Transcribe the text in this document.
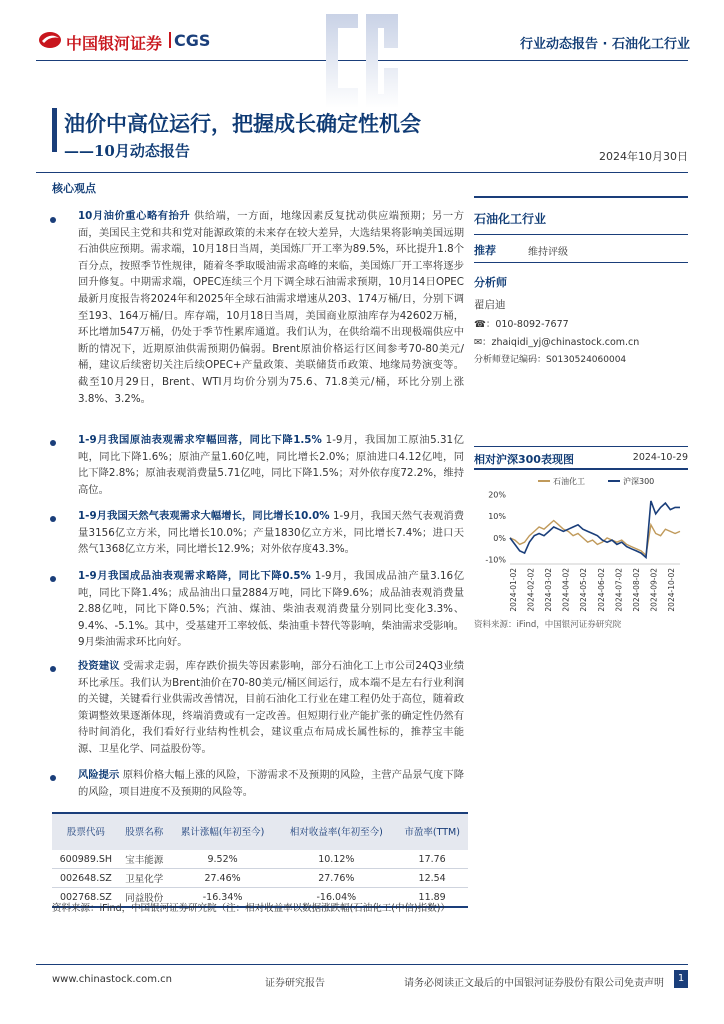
中国银河证券 CGS	行业动态报告 · 石油化工行业
油价中高位运行，把握成长确定性机会
——10月动态报告	2024年10月30日
核心观点
10月油价重心略有抬升 供给端，一方面，地缘因素反复扰动供应端预期；另一方面，美国民主党和共和党对能源政策的未来存在较大差异，大选结果将影响美国远期石油供应预期。需求端，10月18日当周，美国炼厂开工率为89.5%，环比提升1.8个百分点，按照季节性规律，随着冬季取暖油需求高峰的来临，美国炼厂开工率将逐步回升修复。中期需求端，OPEC连续三个月下调全球石油需求预期，10月14日OPEC最新月度报告将2024年和2025年全球石油需求增速从203、174万桶/日，分别下调至193、164万桶/日。库存端，10月18日当周，美国商业原油库存为42602万桶，环比增加547万桶，仍处于季节性累库通道。我们认为，在供给端不出现极端供应中断的情况下，近期原油供需预期仍偏弱。Brent原油价格运行区间参考70-80美元/桶，建议后续密切关注后续OPEC+产量政策、美联储货币政策、地缘局势演变等。截至10月29日，Brent、WTI月均价分别为75.6、71.8美元/桶，环比分别上涨3.8%、3.2%。
1-9月我国原油表观需求窄幅回落，同比下降1.5% 1-9月，我国加工原油5.31亿吨，同比下降1.6%；原油产量1.60亿吨，同比增长2.0%；原油进口4.12亿吨，同比下降2.8%；原油表观消费量5.71亿吨，同比下降1.5%；对外依存度72.2%，维持高位。
1-9月我国天然气表观需求大幅增长，同比增长10.0% 1-9月，我国天然气表观消费量3156亿立方米，同比增长10.0%；产量1830亿立方米，同比增长7.4%；进口天然气1368亿立方米，同比增长12.9%；对外依存度43.3%。
1-9月我国成品油表观需求略降，同比下降0.5% 1-9月，我国成品油产量3.16亿吨，同比下降1.4%；成品油出口量2884万吨，同比下降9.6%；成品油表观消费量2.88亿吨，同比下降0.5%；汽油、煤油、柴油表观消费量分别同比变化3.3%、9.4%、-5.1%。其中，受基建开工率较低、柴油重卡替代等影响，柴油需求受影响。9月柴油需求环比向好。
投资建议 受需求走弱，库存跌价损失等因素影响，部分石油化工上市公司24Q3业绩环比承压。我们认为Brent油价在70-80美元/桶区间运行，成本端不是左右行业利润的关键，关键看行业供需改善情况，目前石油化工行业在建工程仍处于高位，随着政策调整效果逐渐体现，终端消费或有一定改善。但短期行业产能扩张的确定性仍然有待时间消化，我们看好行业结构性机会，建议重点布局成长属性标的，推荐宝丰能源、卫星化学、同益股份等。
风险提示 原料价格大幅上涨的风险，下游需求不及预期的风险，主营产品景气度下降的风险，项目进度不及预期的风险等。
石油化工行业
推荐	维持评级
分析师
翟启迪
☎：010-8092-7677
✉：zhaiqidi_yj@chinastock.com.cn
分析师登记编码：S0130524060004
相对沪深300表现图	2024-10-29
20%
10%
0%
-10%
2024-01-02 2024-02-02 2024-03-02 2024-04-02 2024-05-02 2024-06-02 2024-07-02 2024-08-02 2024-09-02 2024-10-02
石油化工	沪深300
资料来源：iFind，中国银河证券研究院
股票代码	股票名称	累计涨幅(年初至今)	相对收益率(年初至今)	市盈率(TTM)
600989.SH	宝丰能源	9.52%	10.12%	17.76
002648.SZ	卫星化学	27.46%	27.76%	12.54
002768.SZ	同益股份	-16.34%	-16.04%	11.89
资料来源：iFind，中国银河证券研究院（注：相对收益率以数据涨跌幅(石油化工(中信)指数)）
www.chinastock.com.cn	证券研究报告	请务必阅读正文最后的中国银河证券股份有限公司免责声明	1
